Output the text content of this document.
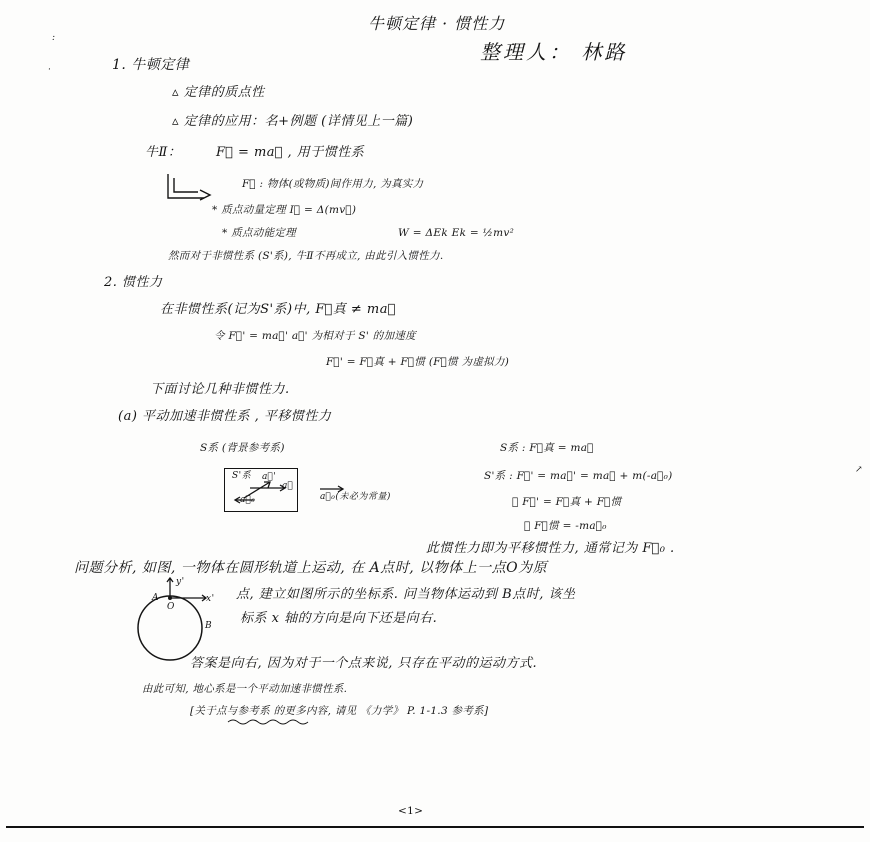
:
·
牛顿定律 · 惯性力
整理人： 林路
1. 牛顿定律
▵ 定律的质点性
▵ 定律的应用：名+例题 (详情见上一篇)
牛Ⅱ：	F⃗ = ma⃗ , 用于惯性系
F⃗ : 物体(或物质)间作用力, 为真实力
* 质点动量定理 I⃗ = Δ(mv⃗)
* 质点动能定理	W = ΔEk Ek = ½mv²
然而对于非惯性系 (S'系), 牛Ⅱ不再成立, 由此引入惯性力.
2. 惯性力
在非惯性系(记为S'系)中, F⃗真 ≠ ma⃗
令 F⃗' = ma⃗' a⃗' 为相对于 S' 的加速度
F⃗' = F⃗真 + F⃗惯 (F⃗惯 为虚拟力)
下面讨论几种非惯性力.
(a) 平动加速非惯性系 , 平移惯性力
S系 (背景参考系)
S'系 a⃗'
a⃗
a⃗₀	a⃗₀(未必为常量)
S系 : F⃗真 = ma⃗
S'系 : F⃗' = ma⃗' = ma⃗ + m(-a⃗₀)
∵ F⃗' = F⃗真 + F⃗惯
∴ F⃗惯 = -ma⃗₀
此惯性力即为平移惯性力, 通常记为 F⃗₀ .
↗
问题分析, 如图, 一物体在圆形轨道上运动, 在 A点时, 以物体上一点O为原
点, 建立如图所示的坐标系. 问当物体运动到 B点时, 该坐
标系 x 轴的方向是向下还是向右.
y'
x'
A
O
B
答案是向右, 因为对于一个点来说, 只存在平动的运动方式.
由此可知, 地心系是一个平动加速非惯性系.
[关于点与参考系 的更多内容, 请见 《力学》 P. 1-1.3 参考系]
<1>
